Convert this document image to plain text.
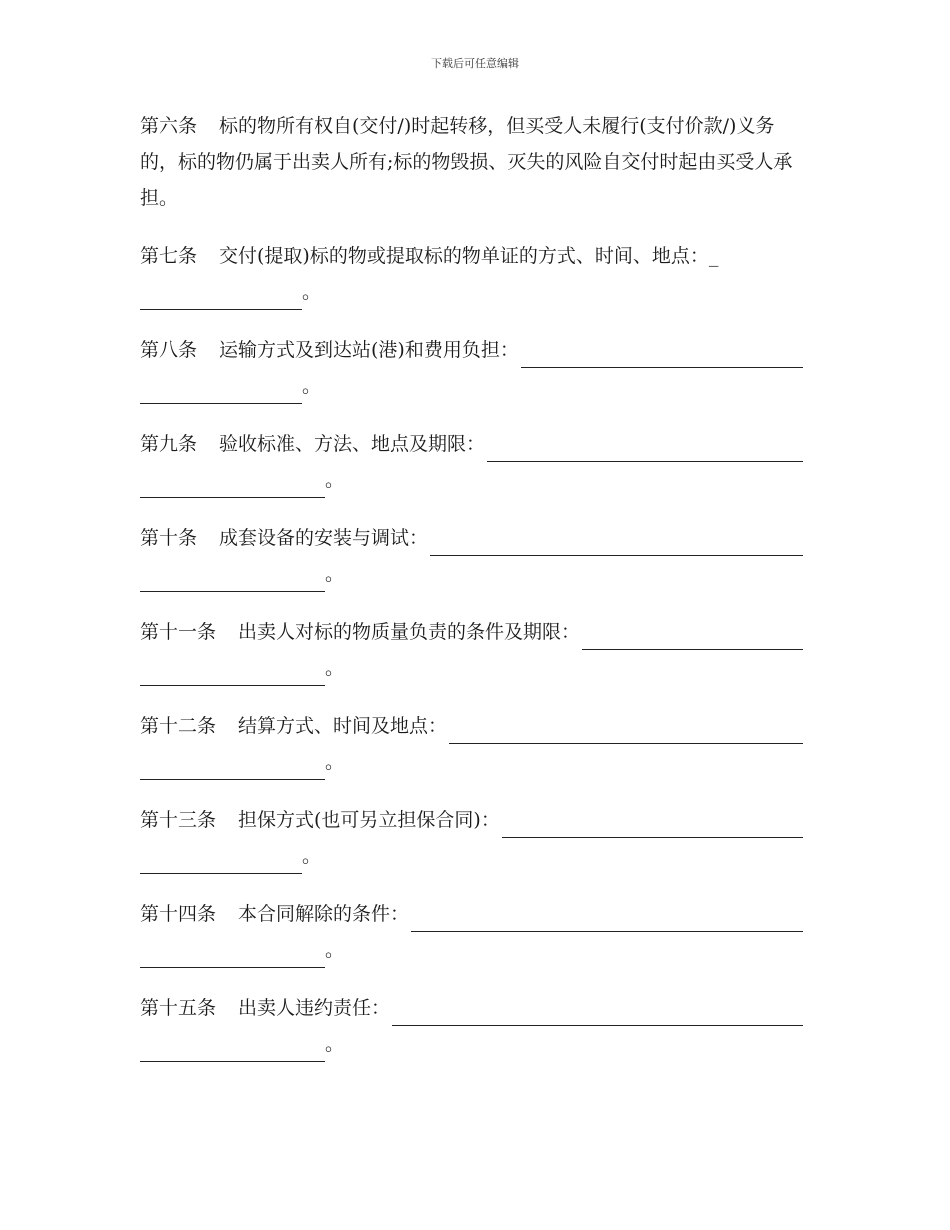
下载后可任意编辑

第六条 标的物所有权自(交付/)时起转移，但买受人未履行(支付价款/)义务的，标的物仍属于出卖人所有;标的物毁损、灭失的风险自交付时起由买受人承担。

第七条 交付(提取)标的物或提取标的物单证的方式、时间、地点：_
。
第八条 运输方式及到达站(港)和费用负担：
。
第九条 验收标准、方法、地点及期限：
。
第十条 成套设备的安装与调试：
。
第十一条 出卖人对标的物质量负责的条件及期限：
。
第十二条 结算方式、时间及地点：
。
第十三条 担保方式(也可另立担保合同)：
。
第十四条 本合同解除的条件：
。
第十五条 出卖人违约责任：
。
